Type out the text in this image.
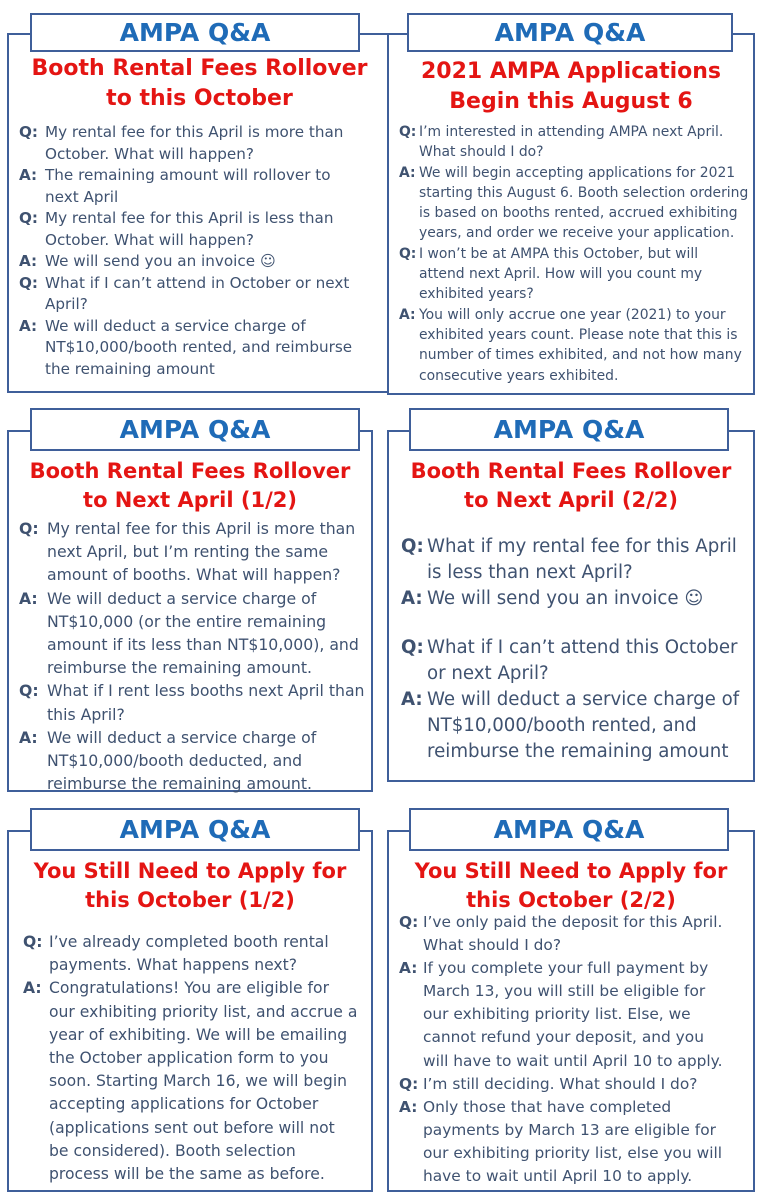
Booth Rental Fees Rollover
to this October
Q: My rental fee for this April is more than
October. What will happen?
A: The remaining amount will rollover to
next April
Q: My rental fee for this April is less than
October. What will happen?
A: We will send you an invoice ☺
Q: What if I can’t attend in October or next
April?
A: We will deduct a service charge of
NT$10,000/booth rented, and reimburse
the remaining amount
AMPA Q&A
2021 AMPA Applications
Begin this August 6
Q: I’m interested in attending AMPA next April.
What should I do?
A: We will begin accepting applications for 2021
starting this August 6. Booth selection ordering
is based on booths rented, accrued exhibiting
years, and order we receive your application.
Q: I won’t be at AMPA this October, but will
attend next April. How will you count my
exhibited years?
A: You will only accrue one year (2021) to your
exhibited years count. Please note that this is
number of times exhibited, and not how many
consecutive years exhibited.
AMPA Q&A
Booth Rental Fees Rollover
to Next April (1/2)
Q: My rental fee for this April is more than
next April, but I’m renting the same
amount of booths. What will happen?
A: We will deduct a service charge of
NT$10,000 (or the entire remaining
amount if its less than NT$10,000), and
reimburse the remaining amount.
Q: What if I rent less booths next April than
this April?
A: We will deduct a service charge of
NT$10,000/booth deducted, and
reimburse the remaining amount.
AMPA Q&A
Booth Rental Fees Rollover
to Next April (2/2)
Q: What if my rental fee for this April
is less than next April?
A: We will send you an invoice ☺
Q: What if I can’t attend this October
or next April?
A: We will deduct a service charge of
NT$10,000/booth rented, and
reimburse the remaining amount
AMPA Q&A
You Still Need to Apply for
this October (1/2)
Q: I’ve already completed booth rental
payments. What happens next?
A: Congratulations! You are eligible for
our exhibiting priority list, and accrue a
year of exhibiting. We will be emailing
the October application form to you
soon. Starting March 16, we will begin
accepting applications for October
(applications sent out before will not
be considered). Booth selection
process will be the same as before.
AMPA Q&A
You Still Need to Apply for
this October (2/2)
Q: I’ve only paid the deposit for this April.
What should I do?
A: If you complete your full payment by
March 13, you will still be eligible for
our exhibiting priority list. Else, we
cannot refund your deposit, and you
will have to wait until April 10 to apply.
Q: I’m still deciding. What should I do?
A: Only those that have completed
payments by March 13 are eligible for
our exhibiting priority list, else you will
have to wait until April 10 to apply.
AMPA Q&A
